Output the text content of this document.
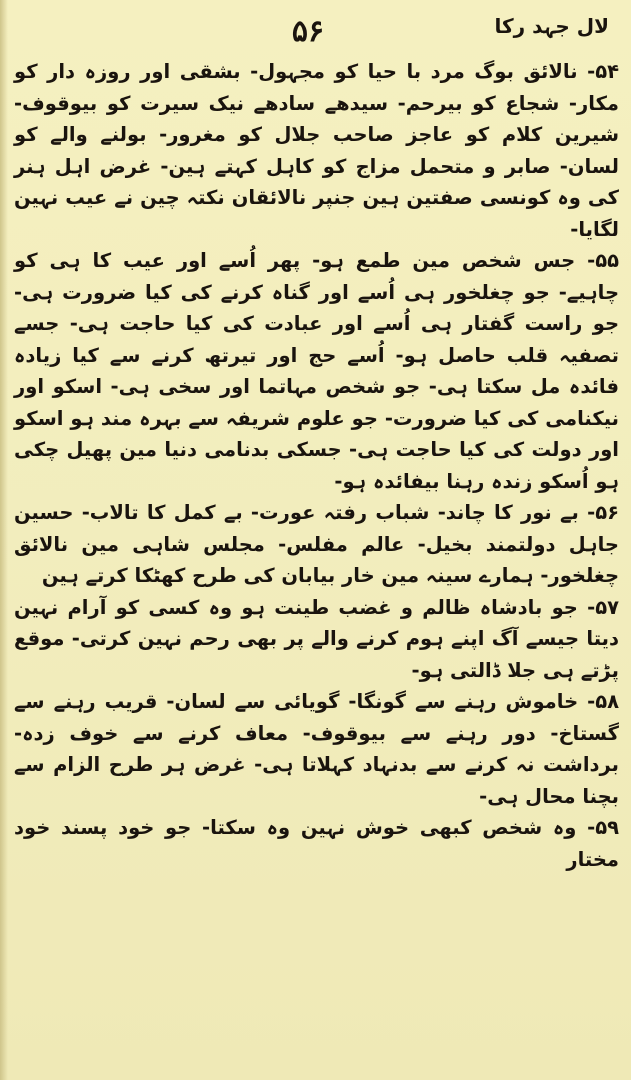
۵۶	لال جہد رکا

۵۴- نالائق بوگ مرد با حیا کو مجہول- بشقی اور روزہ دار کو مکار- شجاع کو بیرحم- سیدھے سادھے نیک سیرت کو بیوقوف- شیرین کلام کو عاجز صاحب جلال کو مغرور- بولنے والے کو لسان- صابر و متحمل مزاج کو کاہل کہتے ہین- غرض اہل ہنر کی وہ کونسی صفتین ہین جنپر نالائقان نکتہ چین نے عیب نہین لگایا-

۵۵- جس شخص مین طمع ہو- پھر اُسے اور عیب کا ہی کو چاہیے- جو چغلخور ہی اُسے اور گناہ کرنے کی کیا ضرورت ہی- جو راست گفتار ہی اُسے اور عبادت کی کیا حاجت ہی- جسے تصفیہ قلب حاصل ہو- اُسے حج اور تیرتھ کرنے سے کیا زیادہ فائدہ مل سکتا ہی- جو شخص مہاتما اور سخی ہی- اسکو اور نیکنامی کی کیا ضرورت- جو علوم شریفہ سے بہرہ مند ہو اسکو اور دولت کی کیا حاجت ہی- جسکی بدنامی دنیا مین پھیل چکی ہو اُسکو زندہ رہنا بیفائدہ ہو-

۵۶- بے نور کا چاند- شباب رفتہ عورت- بے کمل کا تالاب- حسین جاہل دولتمند بخیل- عالم مفلس- مجلس شاہی مین نالائق چغلخور- ہمارے سینہ مین خار بیابان کی طرح کھٹکا کرتے ہین

۵۷- جو بادشاہ ظالم و غضب طینت ہو وہ کسی کو آرام نہین دیتا جیسے آگ اپنے ہوم کرنے والے پر بھی رحم نہین کرتی- موقع پڑتے ہی جلا ڈالتی ہو-

۵۸- خاموش رہنے سے گونگا- گویائی سے لسان- قریب رہنے سے گستاخ- دور رہنے سے بیوقوف- معاف کرنے سے خوف زدہ- برداشت نہ کرنے سے بدنہاد کہلاتا ہی- غرض ہر طرح الزام سے بچنا محال ہی-

۵۹- وہ شخص کبھی خوش نہین وہ سکتا- جو خود پسند خود مختار
